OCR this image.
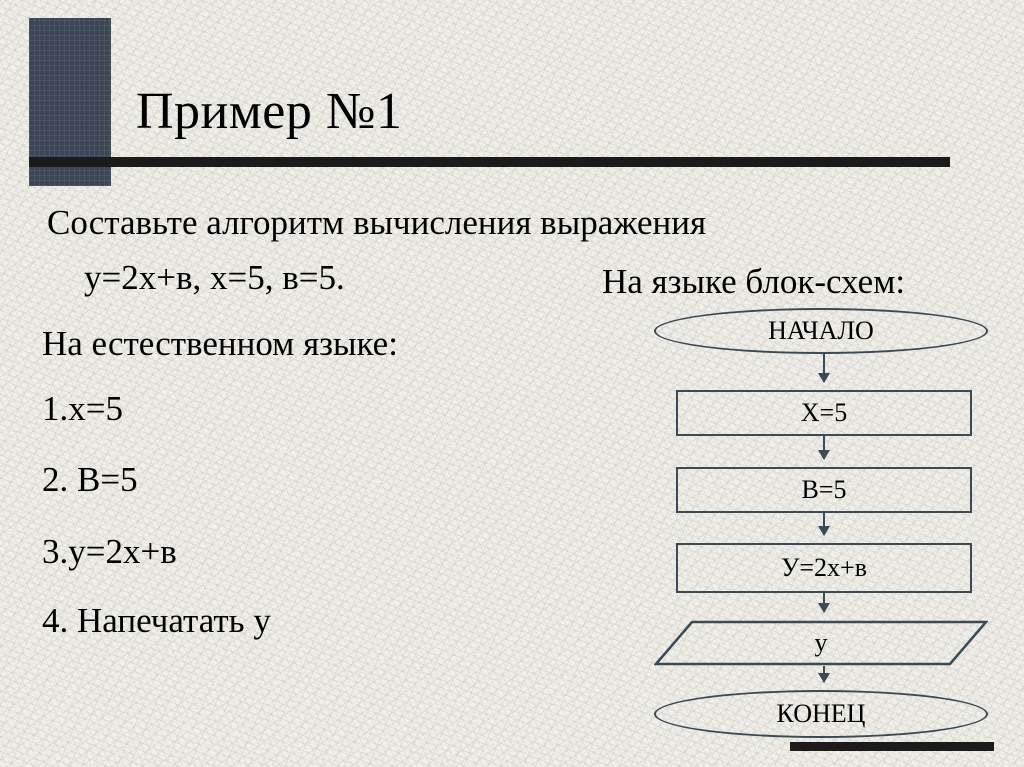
Пример №1
Составьте алгоритм вычисления выражения
у=2х+в, х=5, в=5.
На естественном языке:
1.х=5
2. В=5
3.у=2х+в
4. Напечатать у
На языке блок-схем:
НАЧАЛО
Х=5
В=5
У=2х+в
у
КОНЕЦ
